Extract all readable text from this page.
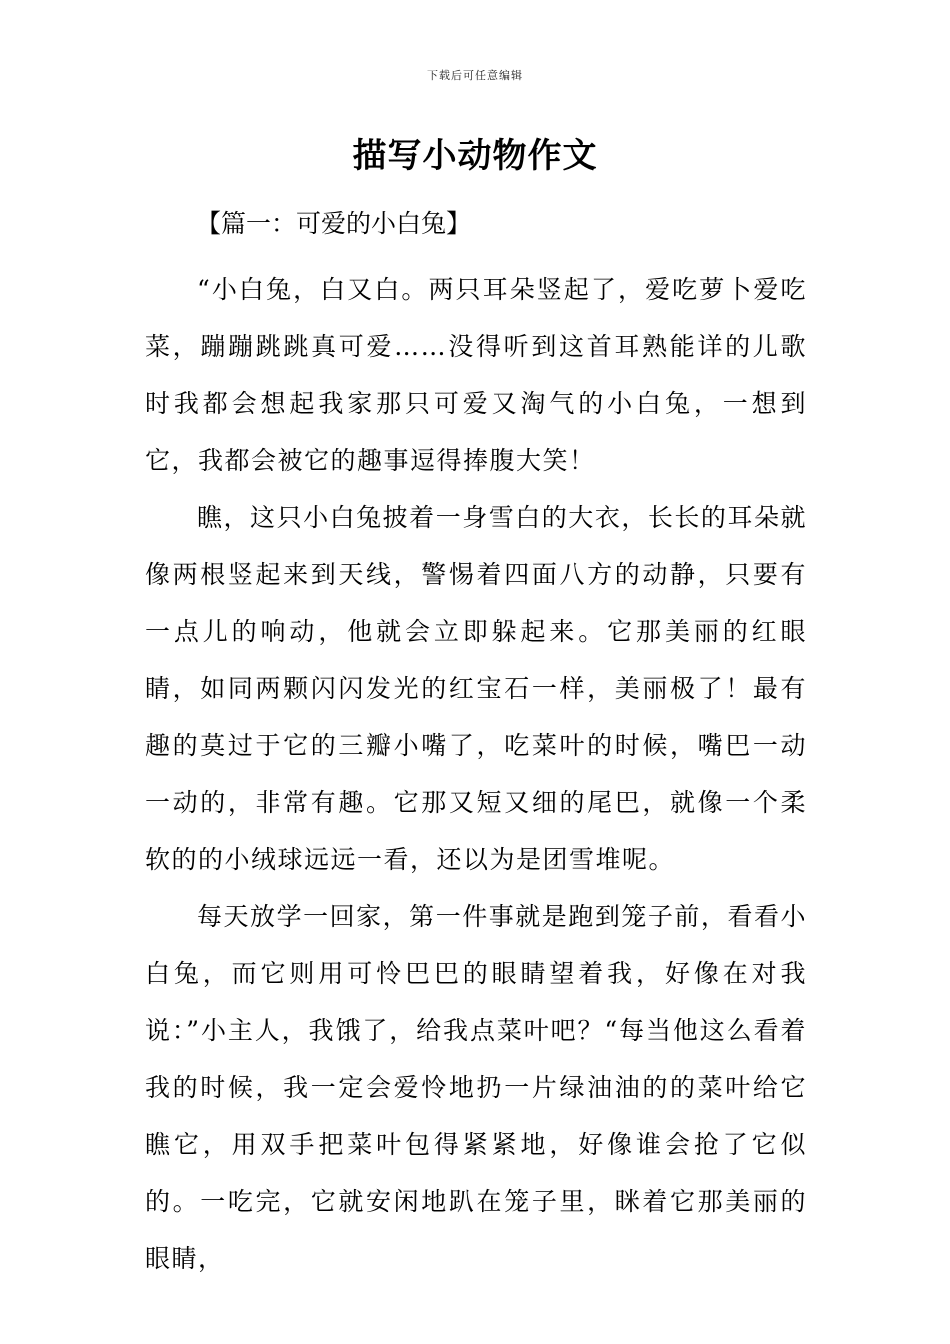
下载后可任意编辑
描写小动物作文
【篇一：可爱的小白兔】

“小白兔，白又白。两只耳朵竖起了，爱吃萝卜爱吃菜，蹦蹦跳跳真可爱……没得听到这首耳熟能详的儿歌时我都会想起我家那只可爱又淘气的小白兔，一想到它，我都会被它的趣事逗得捧腹大笑！

瞧，这只小白兔披着一身雪白的大衣，长长的耳朵就像两根竖起来到天线，警惕着四面八方的动静，只要有一点儿的响动，他就会立即躲起来。它那美丽的红眼睛，如同两颗闪闪发光的红宝石一样，美丽极了！最有趣的莫过于它的三瓣小嘴了，吃菜叶的时候，嘴巴一动一动的，非常有趣。它那又短又细的尾巴，就像一个柔软的的小绒球远远一看，还以为是团雪堆呢。

每天放学一回家，第一件事就是跑到笼子前，看看小白兔，而它则用可怜巴巴的眼睛望着我，好像在对我说：”小主人，我饿了，给我点菜叶吧？“每当他这么看着我的时候，我一定会爱怜地扔一片绿油油的的菜叶给它瞧它，用双手把菜叶包得紧紧地，好像谁会抢了它似的。一吃完，它就安闲地趴在笼子里，眯着它那美丽的眼睛，
